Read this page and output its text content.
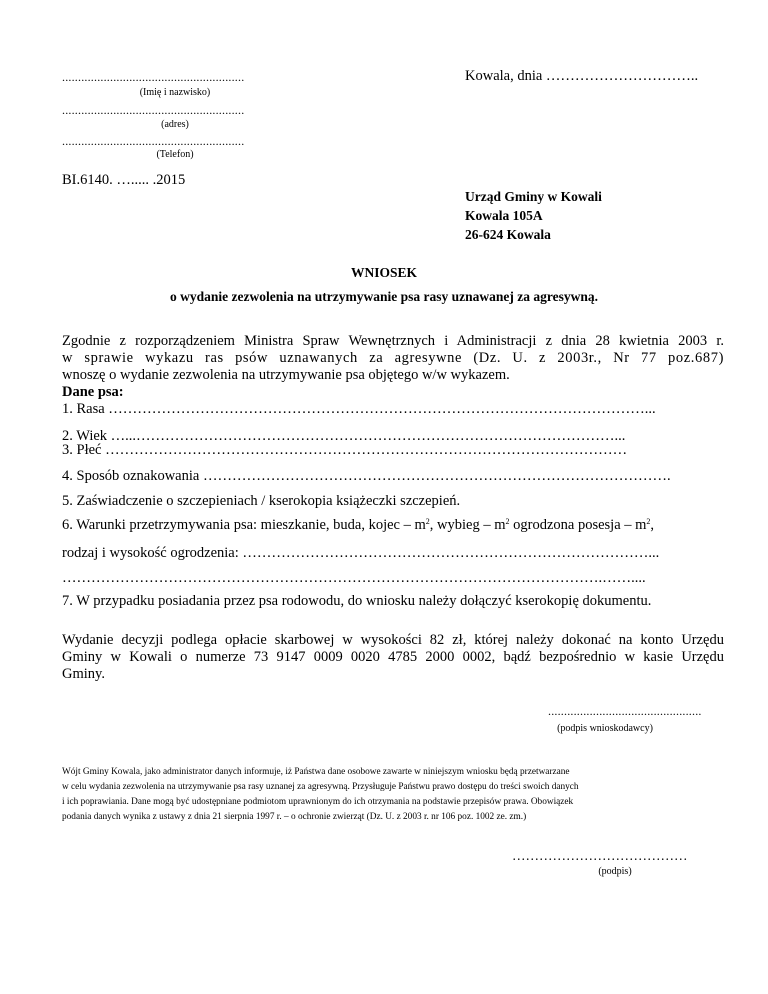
.........................................................
(Imię i nazwisko)
.........................................................
(adres)
.........................................................
(Telefon)
Kowala, dnia …………………………..
BI.6140. …..... .2015
Urząd Gminy w Kowali
Kowala 105A
26-624 Kowala
WNIOSEK
o wydanie zezwolenia na utrzymywanie psa rasy uznawanej za agresywną.
Zgodnie z rozporządzeniem Ministra Spraw Wewnętrznych i Administracji z dnia 28 kwietnia 2003 r.
w sprawie wykazu ras psów uznawanych za agresywne (Dz. U. z 2003r., Nr 77 poz.687)
wnoszę o wydanie zezwolenia na utrzymywanie psa objętego w/w wykazem.
Dane psa:
1. Rasa …………………………………………………………………………………………………...
2. Wiek …...………………………………………………………………………………………...
3. Płeć ………………………………………………………………………………………………
4. Sposób oznakowania …………………………………………………………………………………….
5. Zaświadczenie o szczepieniach / kserokopia książeczki szczepień.
6. Warunki przetrzymywania psa: mieszkanie, buda, kojec – $m^2$, wybieg – $m^2$ ogrodzona posesja – $m^2$,
rodzaj i wysokość ogrodzenia: …………………………………………………………………………...
………………………………………………………………………………………………….……....
7. W przypadku posiadania przez psa rodowodu, do wniosku należy dołączyć kserokopię dokumentu.
Wydanie decyzji podlega opłacie skarbowej w wysokości 82 zł, której należy dokonać na konto Urzędu
Gminy w Kowali o numerze 73 9147 0009 0020 4785 2000 0002, bądź bezpośrednio w kasie Urzędu
Gminy.
................................................
(podpis wnioskodawcy)
Wójt Gminy Kowala, jako administrator danych informuje, iż Państwa dane osobowe zawarte w niniejszym wniosku będą przetwarzane
w celu wydania zezwolenia na utrzymywanie psa rasy uznanej za agresywną. Przysługuje Państwu prawo dostępu do treści swoich danych
i ich poprawiania. Dane mogą być udostępniane podmiotom uprawnionym do ich otrzymania na podstawie przepisów prawa. Obowiązek
podania danych wynika z ustawy z dnia 21 sierpnia 1997 r. – o ochronie zwierząt (Dz. U. z 2003 r. nr 106 poz. 1002 ze. zm.)
…………………………………
(podpis)
